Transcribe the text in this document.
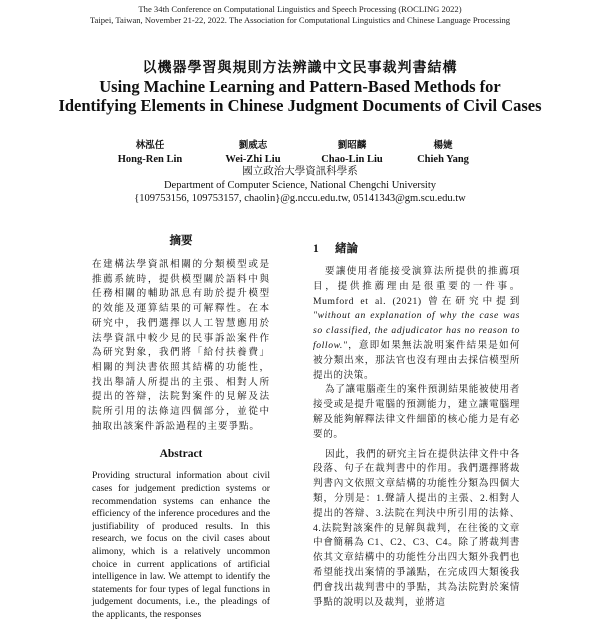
The 34th Conference on Computational Linguistics and Speech Processing (ROCLING 2022)
Taipei, Taiwan, November 21-22, 2022. The Association for Computational Linguistics and Chinese Language Processing
以機器學習與規則方法辨識中文民事裁判書結構
Using Machine Learning and Pattern-Based Methods for
Identifying Elements in Chinese Judgment Documents of Civil Cases
林泓任
Hong-Ren Lin
劉威志
Wei-Zhi Liu
劉昭麟
Chao-Lin Liu
楊婕
Chieh Yang
國立政治大學資訊科學系
Department of Computer Science, National Chengchi University
{109753156, 109753157, chaolin}@g.nccu.edu.tw, 05141343@gm.scu.edu.tw
摘要

在建構法學資訊相關的分類模型或是推薦系統時，提供模型關於語料中與任務相關的輔助訊息有助於提升模型的效能及運算結果的可解釋性。在本研究中，我們選擇以人工智慧應用於法學資訊中較少見的民事訴訟案件作為研究對象，我們將「給付扶養費」相關的判決書依照其結構的功能性，找出舉請人所提出的主張、相對人所提出的答辯，法院對案件的見解及法院所引用的法條這四個部分，並從中抽取出該案件訴訟過程的主要爭點。

Abstract

Providing structural information about civil cases for judgement prediction systems or recommendation systems can enhance the efficiency of the inference procedures and the justifiability of produced results. In this research, we focus on the civil cases about alimony, which is a relatively uncommon choice in current applications of artificial intelligence in law. We attempt to identify the statements for four types of legal functions in judgement documents, i.e., the pleadings of the applicants, the responses

1 緒論

要讓使用者能接受演算法所提供的推薦項目，提供推薦理由是很重要的一件事。Mumford et al. (2021) 曾在研究中提到 "without an explanation of why the case was so classified, the adjudicator has no reason to follow."，意即如果無法說明案件結果是如何被分類出來，那法官也沒有理由去採信模型所提出的決策。

為了讓電腦產生的案件預測結果能被使用者接受或是提升電腦的預測能力，建立讓電腦理解及能夠解釋法律文件細節的核心能力是有必要的。

因此，我們的研究主旨在提供法律文件中各段落、句子在裁判書中的作用。我們選擇將裁判書內文依照文章結構的功能性分類為四個大類，分別是：1.聲請人提出的主張、2.相對人提出的答辯、3.法院在判決中所引用的法條、4.法院對該案件的見解與裁判，在往後的文章中會簡稱為 C1、C2、C3、C4。除了將裁判書依其文章結構中的功能性分出四大類外我們也希望能找出案情的爭議點，在完成四大類後我們會找出裁判書中的爭點，其為法院對於案情爭點的說明以及裁判，並將這
